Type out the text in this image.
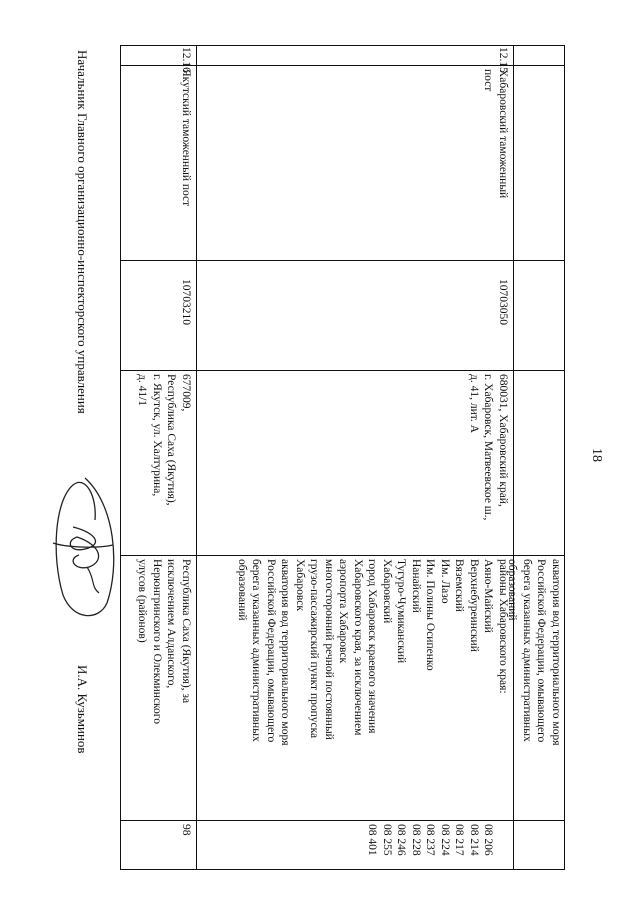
18
акватория вод территориального моря
Российской Федерации, омывающего
берега указанных административных
образований
12.15
Хабаровский таможенный
пост
10703050
680031, Хабаровский край,
г. Хабаровск, Матвеевское ш.,
д. 41, лит. А
районы Хабаровского края:
Аяно-Майский
Верхнебуреинский
Вяземский
Им. Лазо
Им. Полины Осипенко
Нанайский
Тугуро-Чумиканский
Хабаровский
город Хабаровск краевого значения
Хабаровского края, за исключением
аэропорта Хабаровск
многосторонний речной постоянный
грузо-пассажирский пункт пропуска
Хабаровск
акватория вод территориального моря
Российской Федерации, омывающего
берега указанных административных
образований
08 206
08 214
08 217
08 224
08 237
08 228
08 246
08 255
08 401
12.16
Якутский таможенный пост
10703210
677009,
Республика Саха (Якутия),
г. Якутск, ул. Халтурина,
д. 41/1
Республика Саха (Якутия), за
исключением Алданского,
Нерюнгринского и Олекминского
улусов (районов)
98
Начальник Главного организационно-инспекторского управления
И.А. Кузьминов
